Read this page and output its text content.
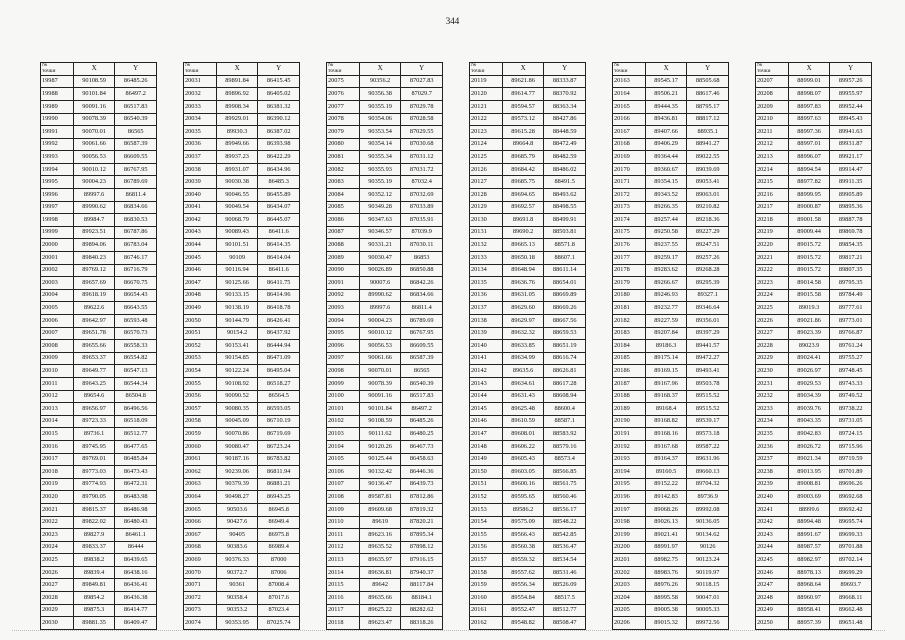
344
№
точки	X	Y
19987	90108.59	86485.26
19988	90101.84	86497.2
19989	90091.16	86517.83
19990	90078.39	86540.39
19991	90070.01	86565
19992	90061.66	86587.39
19993	90056.53	86609.55
19994	90010.12	86767.95
19995	90004.23	86789.69
19996	89997.6	86811.4
19997	89990.62	86834.66
19998	89984.7	86830.53
19999	89923.51	86787.86
20000	89894.06	86783.04
20001	89840.23	86746.17
20002	89769.12	86716.79
20003	89657.69	86670.75
20004	89618.19	86654.43
20005	89622.6	86643.55
20006	89642.97	86593.48
20007	89651.78	86570.73
20008	89655.66	86558.33
20009	89653.37	86554.82
20010	89649.77	86547.13
20011	89643.25	86544.34
20012	89654.6	86504.8
20013	89656.97	86496.56
20014	89723.33	86518.09
20015	89736.1	86512.77
20016	89745.95	86477.65
20017	89769.01	86485.84
20018	89773.03	86473.43
20019	89774.93	86472.31
20020	89790.05	86483.98
20021	89815.37	86486.98
20022	89822.02	86480.43
20023	89827.9	86461.1
20024	89833.37	86444
20025	89838.2	86439.65
20026	89839.4	86438.16
20027	89849.81	86436.41
20028	89854.2	86436.38
20029	89875.3	86414.77
20030	89881.35	86409.47
№
точки	X	Y
20031	89891.84	86415.45
20032	89896.92	86405.02
20033	89908.34	86381.32
20034	89929.01	86390.12
20035	89930.3	86387.02
20036	89949.66	86393.98
20037	89937.23	86422.29
20038	89931.07	86434.96
20039	90030.38	86485.3
20040	90046.55	86455.89
20041	90049.54	86434.07
20042	90068.79	86445.07
20043	90089.43	86411.6
20044	90101.51	86414.35
20045	90109	86414.04
20046	90116.94	86411.6
20047	90125.66	86411.75
20048	90133.15	86414.96
20049	90138.19	86418.78
20050	90144.79	86426.41
20051	90154.2	86437.92
20052	90153.41	86444.94
20053	90154.85	86471.09
20054	90122.24	86495.04
20055	90108.92	86518.27
20056	90090.52	86564.5
20057	90080.35	86593.05
20058	90045.09	86710.19
20059	90070.86	86719.69
20060	90080.47	86723.24
20061	90187.16	86783.82
20062	90239.06	86811.94
20063	90379.39	86881.21
20064	90498.27	86943.25
20065	90503.6	86945.8
20066	90427.6	86949.4
20067	90405	86975.8
20068	90383.6	86989.4
20069	90376.33	87000
20070	90372.7	87006
20071	90361	87008.4
20072	90358.4	87017.6
20073	90353.2	87023.4
20074	90353.95	87025.74
№
точки	X	Y
20075	90356.2	87027.83
20076	90356.38	87029.7
20077	90355.19	87029.78
20078	90354.06	87028.58
20079	90353.54	87029.55
20080	90354.14	87030.68
20081	90355.34	87031.12
20082	90355.93	87031.72
20083	90355.19	87032.4
20084	90352.12	87032.69
20085	90349.28	87033.89
20086	90347.63	87035.91
20087	90346.57	87039.9
20088	90331.21	87030.11
20089	90030.47	86853
20090	90026.89	86850.88
20091	90007.6	86842.26
20092	89990.62	86834.66
20093	89997.6	86811.4
20094	90004.23	86789.69
20095	90010.12	86767.95
20096	90056.53	86609.55
20097	90061.66	86587.39
20098	90070.01	86565
20099	90078.39	86540.39
20100	90091.16	86517.83
20101	90101.84	86497.2
20102	90108.59	86485.26
20103	90111.62	86480.25
20104	90120.26	86467.73
20105	90125.44	86458.63
20106	90132.42	86446.36
20107	90136.47	86439.73
20108	89587.81	87812.86
20109	89609.68	87819.32
20110	89619	87820.21
20111	89623.16	87895.34
20112	89635.52	87898.12
20113	89635.97	87916.15
20114	89636.81	87940.37
20115	89642	88117.84
20116	89635.66	88184.1
20117	89625.22	88282.62
20118	89623.47	88318.26
№
точки	X	Y
20119	89621.86	88333.87
20120	89614.77	88370.92
20121	89594.57	88363.34
20122	89573.12	88427.86
20123	89615.28	88448.59
20124	89664.8	88472.49
20125	89685.79	88482.59
20126	89684.42	88486.02
20127	89685.75	88491.5
20128	89694.65	88493.62
20129	89692.57	88498.55
20130	89691.8	88499.91
20131	89690.2	88503.81
20132	89665.13	88571.8
20133	89650.18	88607.1
20134	89648.94	88611.14
20135	89636.76	88654.01
20136	89631.05	88669.89
20137	89629.60	88669.26
20138	89629.97	88667.56
20139	89632.32	88659.53
20140	89633.85	88651.19
20141	89634.99	88616.74
20142	89635.6	88626.81
20143	89634.61	88617.28
20144	89631.43	88608.94
20145	89625.48	88600.4
20146	89610.59	88587.1
20147	89608.01	88583.92
20148	89606.22	88579.16
20149	89605.43	88573.4
20150	89603.05	88566.85
20151	89600.16	88561.75
20152	89595.65	88560.46
20153	89586.2	88556.17
20154	89575.09	88548.22
20155	89566.43	88542.85
20156	89560.38	88536.47
20157	89559.32	88534.54
20158	89557.62	88531.46
20159	89556.34	88526.09
20160	89554.84	88517.5
20161	89552.47	88512.77
20162	89548.82	88508.47
№
точки	X	Y
20163	89545.17	88505.68
20164	89506.21	88617.46
20165	89444.35	88795.17
20166	89436.81	88817.12
20167	89407.66	88935.1
20168	89406.29	88941.27
20169	89364.44	89022.55
20170	89360.67	89039.69
20171	89354.15	89053.41
20172	89343.52	89063.01
20173	89266.35	89210.82
20174	89257.44	89218.36
20175	89250.58	89227.29
20176	89237.55	89247.51
20177	89259.17	89257.26
20178	89283.62	89268.28
20179	89266.67	89295.39
20180	89246.93	89327.1
20181	89232.77	89346.64
20182	89227.59	89356.01
20183	89207.84	89397.29
20184	89186.3	89441.57
20185	89175.14	89472.27
20186	89169.15	89493.41
20187	89167.96	89503.78
20188	89168.37	89515.52
20189	89168.4	89515.52
20190	89168.82	89539.17
20191	89168.16	89573.18
20192	89167.68	89587.22
20193	89164.37	89631.96
20194	89160.5	89660.13
20195	89152.22	89704.32
20196	89142.83	89736.9
20197	89068.26	89992.08
20198	89026.13	90136.05
20199	89021.41	90134.62
20200	88991.97	90126
20201	88982.75	90123.24
20202	88983.76	90119.97
20203	88976.26	90118.15
20204	88995.58	90047.01
20205	89005.38	90005.33
20206	89015.32	89972.56
№
точки	X	Y
20207	88999.01	89957.26
20208	88998.07	89955.97
20209	88997.83	89952.44
20210	88997.63	89945.43
20211	88997.36	89941.63
20212	88997.01	89931.87
20213	88996.07	89921.17
20214	88994.54	89914.47
20215	88977.82	89911.35
20216	88999.95	89905.89
20217	89000.87	89895.36
20218	89001.58	89887.78
20219	89009.44	89869.78
20220	89015.72	89854.35
20221	89015.72	89817.21
20222	89015.72	89807.35
20223	89014.58	89795.35
20224	89015.58	89784.49
20225	89019.3	89777.61
20226	89021.86	89773.01
20227	89023.39	89766.87
20228	89023.9	89761.24
20229	89024.41	89755.27
20230	89026.97	89748.45
20231	89029.53	89743.33
20232	89034.39	89749.52
20233	89039.76	89738.22
20234	89043.35	89731.05
20235	89042.83	89724.15
20236	89026.72	89715.96
20237	89021.34	89719.59
20238	89013.95	89701.89
20239	89008.81	89696.26
20240	89003.69	89692.68
20241	88999.6	89692.42
20242	88994.48	89695.74
20243	88991.67	89699.33
20244	88987.57	89701.88
20245	88982.97	89702.14
20246	88978.13	89699.29
20247	88968.64	89693.7
20248	88960.97	89668.11
20249	88958.41	89662.48
20250	88957.39	89651.48
